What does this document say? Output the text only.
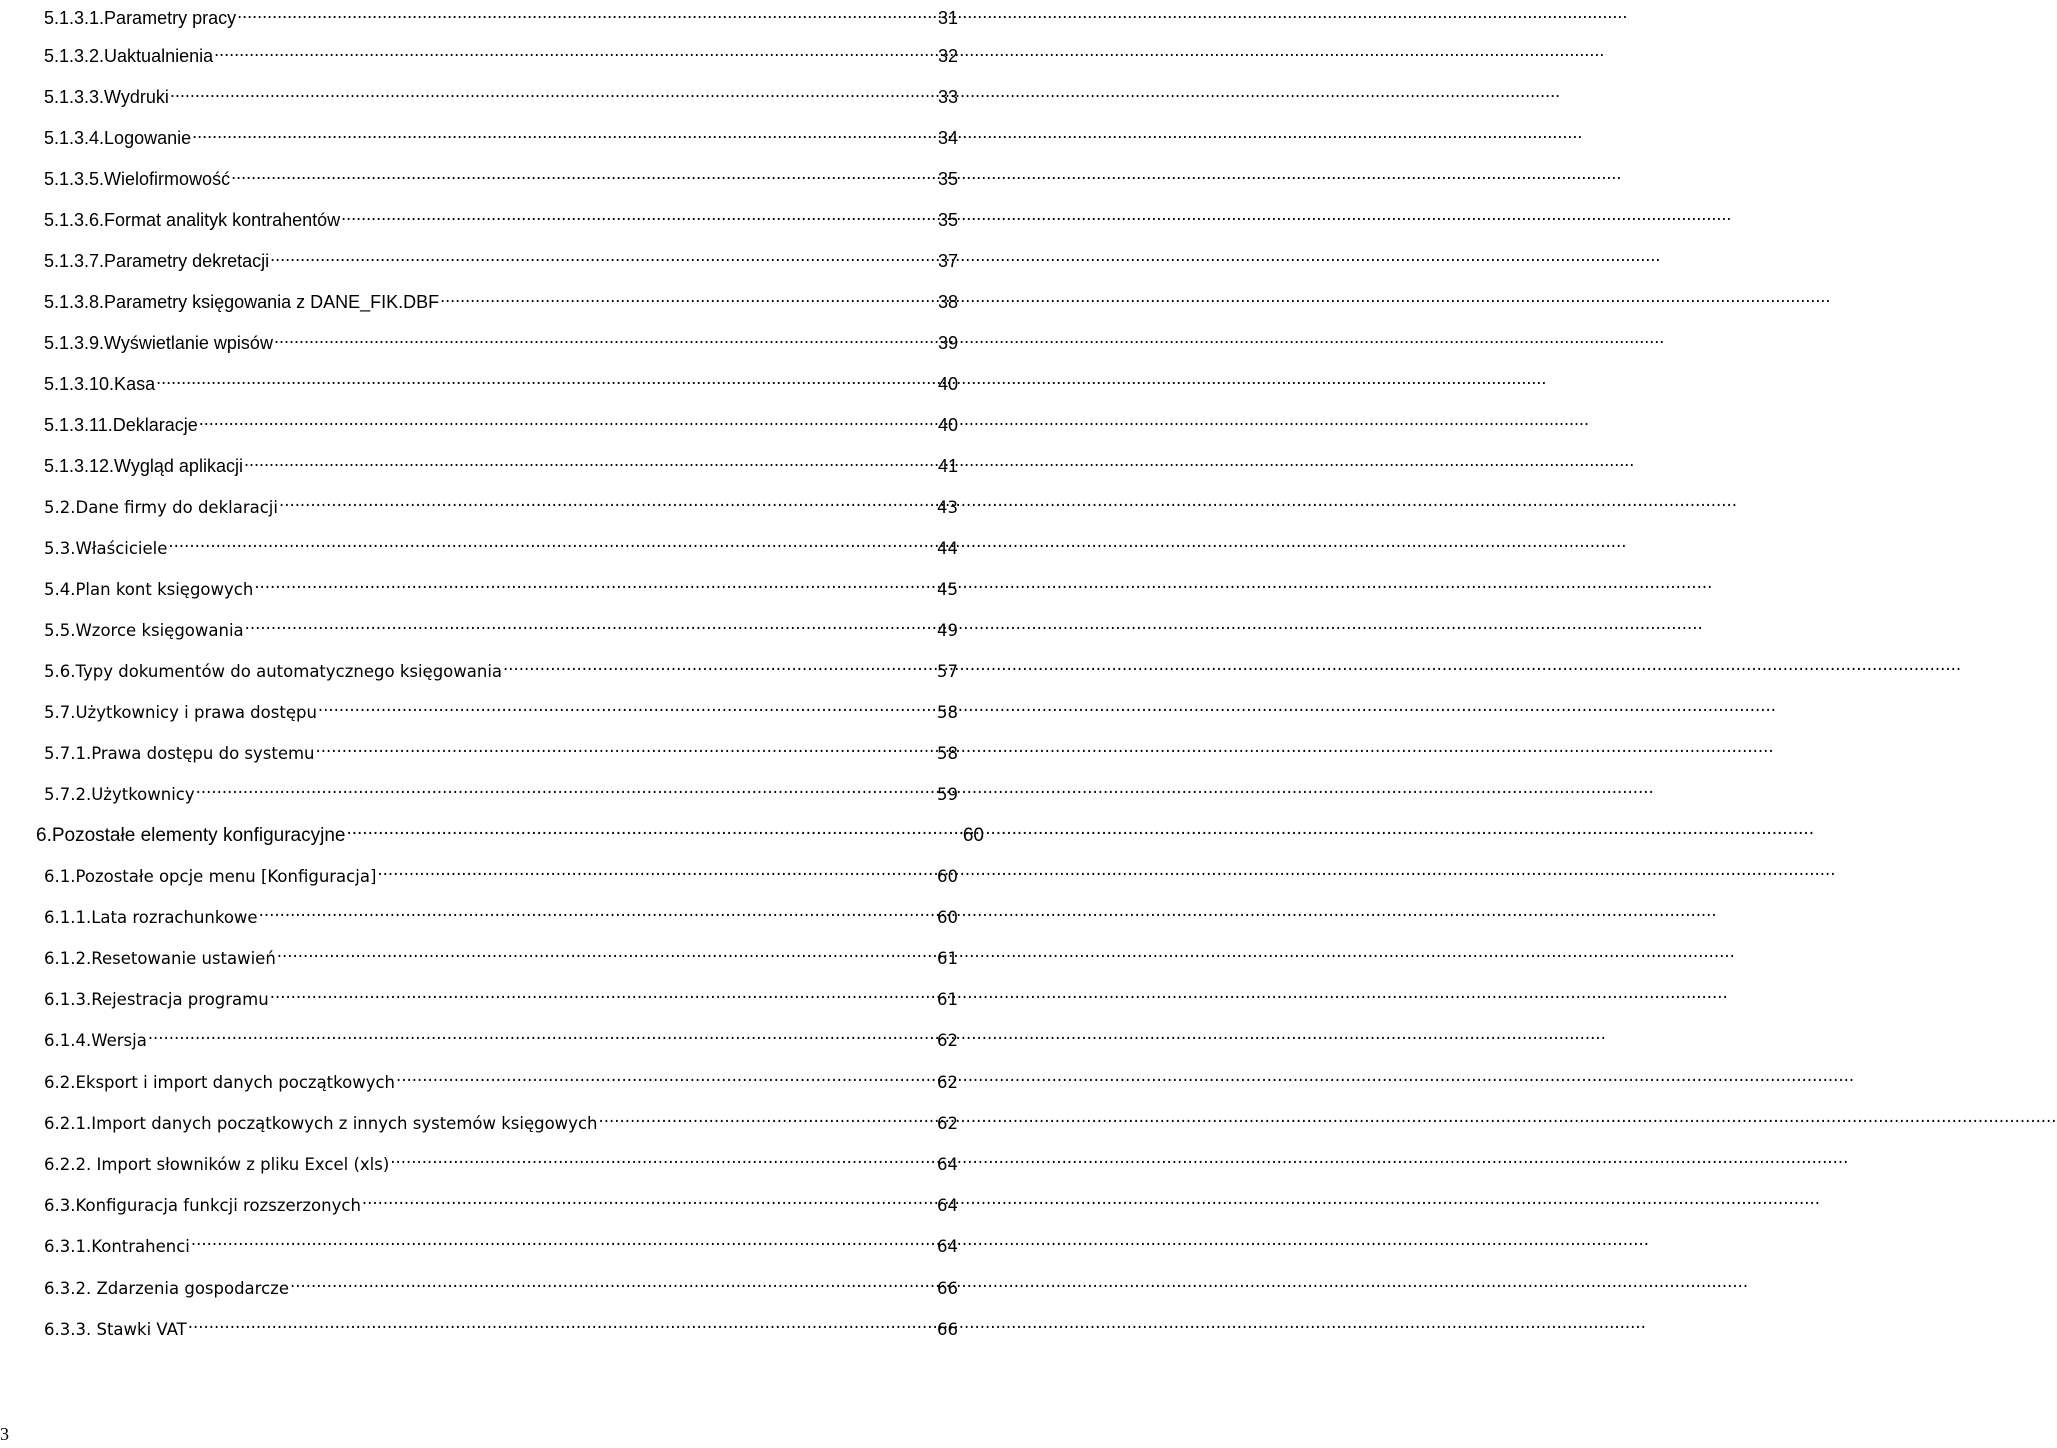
5.1.3.1.Parametry pracy .....	31
5.1.3.2.Uaktualnienia .....	32
5.1.3.3.Wydruki .....	33
5.1.3.4.Logowanie .....	34
5.1.3.5.Wielofirmowość .....	35
5.1.3.6.Format analityk kontrahentów .....	35
5.1.3.7.Parametry dekretacji .....	37
5.1.3.8.Parametry księgowania z DANE_FIK.DBF .....	38
5.1.3.9.Wyświetlanie wpisów .....	39
5.1.3.10.Kasa .....	40
5.1.3.11.Deklaracje .....	40
5.1.3.12.Wygląd aplikacji .....	41
5.2.Dane firmy do deklaracji .....	43
5.3.Właściciele .....	44
5.4.Plan kont księgowych .....	45
5.5.Wzorce księgowania .....	49
5.6.Typy dokumentów do automatycznego księgowania .....	57
5.7.Użytkownicy i prawa dostępu .....	58
5.7.1.Prawa dostępu do systemu .....	58
5.7.2.Użytkownicy .....	59
6.Pozostałe elementy konfiguracyjne .....	60
6.1.Pozostałe opcje menu [Konfiguracja] .....	60
6.1.1.Lata rozrachunkowe .....	60
6.1.2.Resetowanie ustawień .....	61
6.1.3.Rejestracja programu .....	61
6.1.4.Wersja .....	62
6.2.Eksport i import danych początkowych .....	62
6.2.1.Import danych początkowych z innych systemów księgowych .....	62
6.2.2. Import słowników z pliku Excel (xls) .....	64
6.3.Konfiguracja funkcji rozszerzonych .....	64
6.3.1.Kontrahenci .....	64
6.3.2. Zdarzenia gospodarcze .....	66
6.3.3. Stawki VAT .....	66
3
